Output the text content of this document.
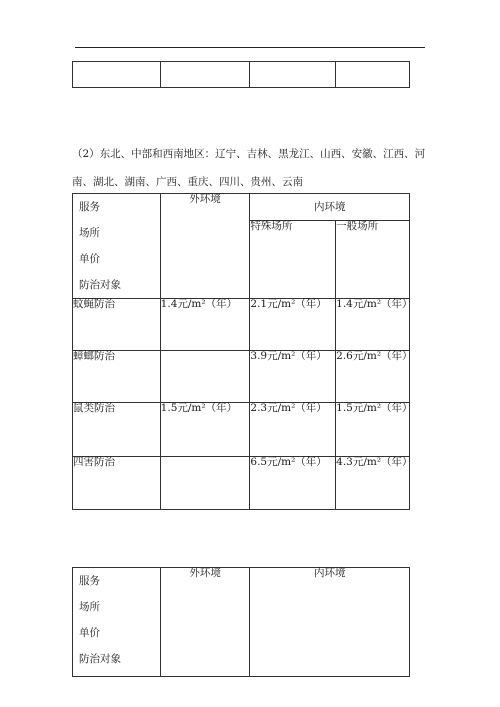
（2）东北、中部和西南地区：辽宁、吉林、黑龙江、山西、安徽、江西、河
南、湖北、湖南、广西、重庆、四川、贵州、云南
服务
场所
单价
防治对象	外环境	内环境	
		特殊场所	一般场所
蚊蝇防治	1.4元/m²（年）	2.1元/m²（年）	1.4元/m²（年）
蟑螂防治		3.9元/m²（年）	2.6元/m²（年）
鼠类防治	1.5元/m²（年）	2.3元/m²（年）	1.5元/m²（年）
四害防治		6.5元/m²（年）	4.3元/m²（年）
服务
场所
单价
防治对象
	外环境	内环境
